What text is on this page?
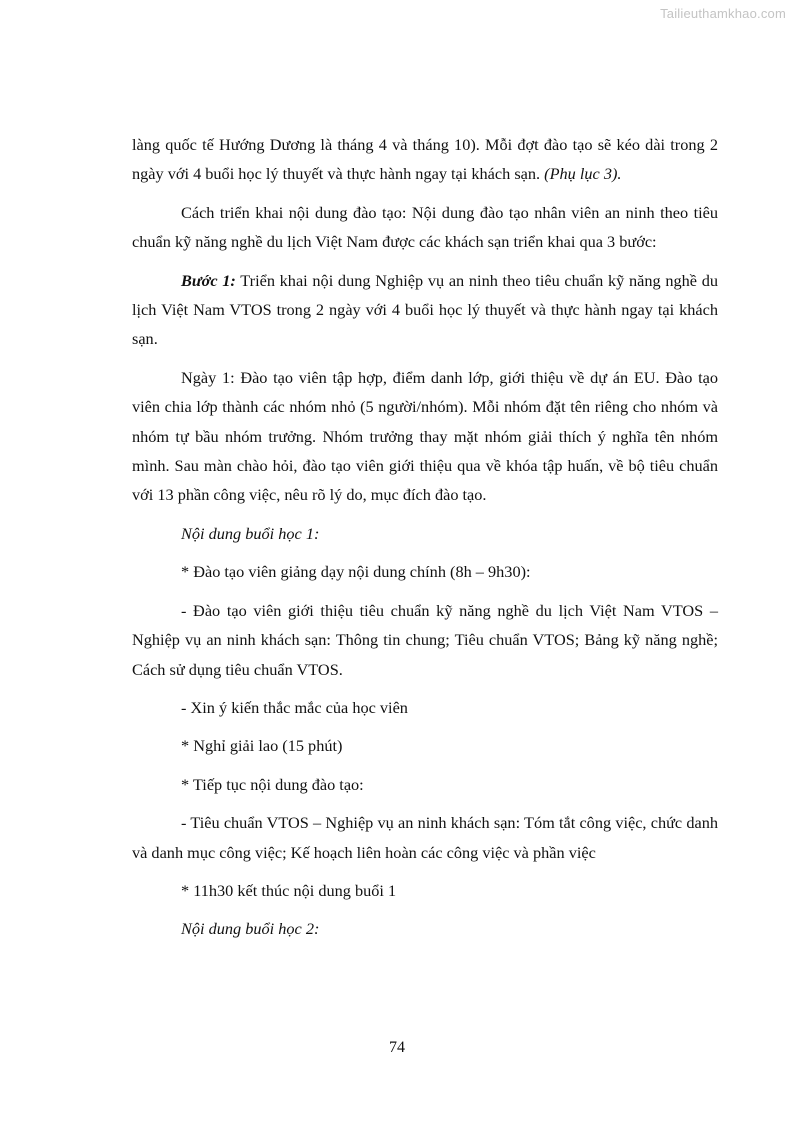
Tailieuthamkhao.com

làng quốc tế Hướng Dương là tháng 4 và tháng 10). Mỗi đợt đào tạo sẽ kéo dài trong 2 ngày với 4 buổi học lý thuyết và thực hành ngay tại khách sạn. (Phụ lục 3).

Cách triển khai nội dung đào tạo: Nội dung đào tạo nhân viên an ninh theo tiêu chuẩn kỹ năng nghề du lịch Việt Nam được các khách sạn triển khai qua 3 bước:

Bước 1: Triển khai nội dung Nghiệp vụ an ninh theo tiêu chuẩn kỹ năng nghề du lịch Việt Nam VTOS trong 2 ngày với 4 buổi học lý thuyết và thực hành ngay tại khách sạn.

Ngày 1: Đào tạo viên tập hợp, điểm danh lớp, giới thiệu về dự án EU. Đào tạo viên chia lớp thành các nhóm nhỏ (5 người/nhóm). Mỗi nhóm đặt tên riêng cho nhóm và nhóm tự bầu nhóm trưởng. Nhóm trưởng thay mặt nhóm giải thích ý nghĩa tên nhóm mình. Sau màn chào hỏi, đào tạo viên giới thiệu qua về khóa tập huấn, về bộ tiêu chuẩn với 13 phần công việc, nêu rõ lý do, mục đích đào tạo.

Nội dung buổi học 1:

* Đào tạo viên giảng dạy nội dung chính (8h – 9h30):

- Đào tạo viên giới thiệu tiêu chuẩn kỹ năng nghề du lịch Việt Nam VTOS – Nghiệp vụ an ninh khách sạn: Thông tin chung; Tiêu chuẩn VTOS; Bảng kỹ năng nghề; Cách sử dụng tiêu chuẩn VTOS.

- Xin ý kiến thắc mắc của học viên

* Nghỉ giải lao (15 phút)

* Tiếp tục nội dung đào tạo:

- Tiêu chuẩn VTOS – Nghiệp vụ an ninh khách sạn: Tóm tắt công việc, chức danh và danh mục công việc; Kế hoạch liên hoàn các công việc và phần việc

* 11h30 kết thúc nội dung buổi 1

Nội dung buổi học 2:

74
